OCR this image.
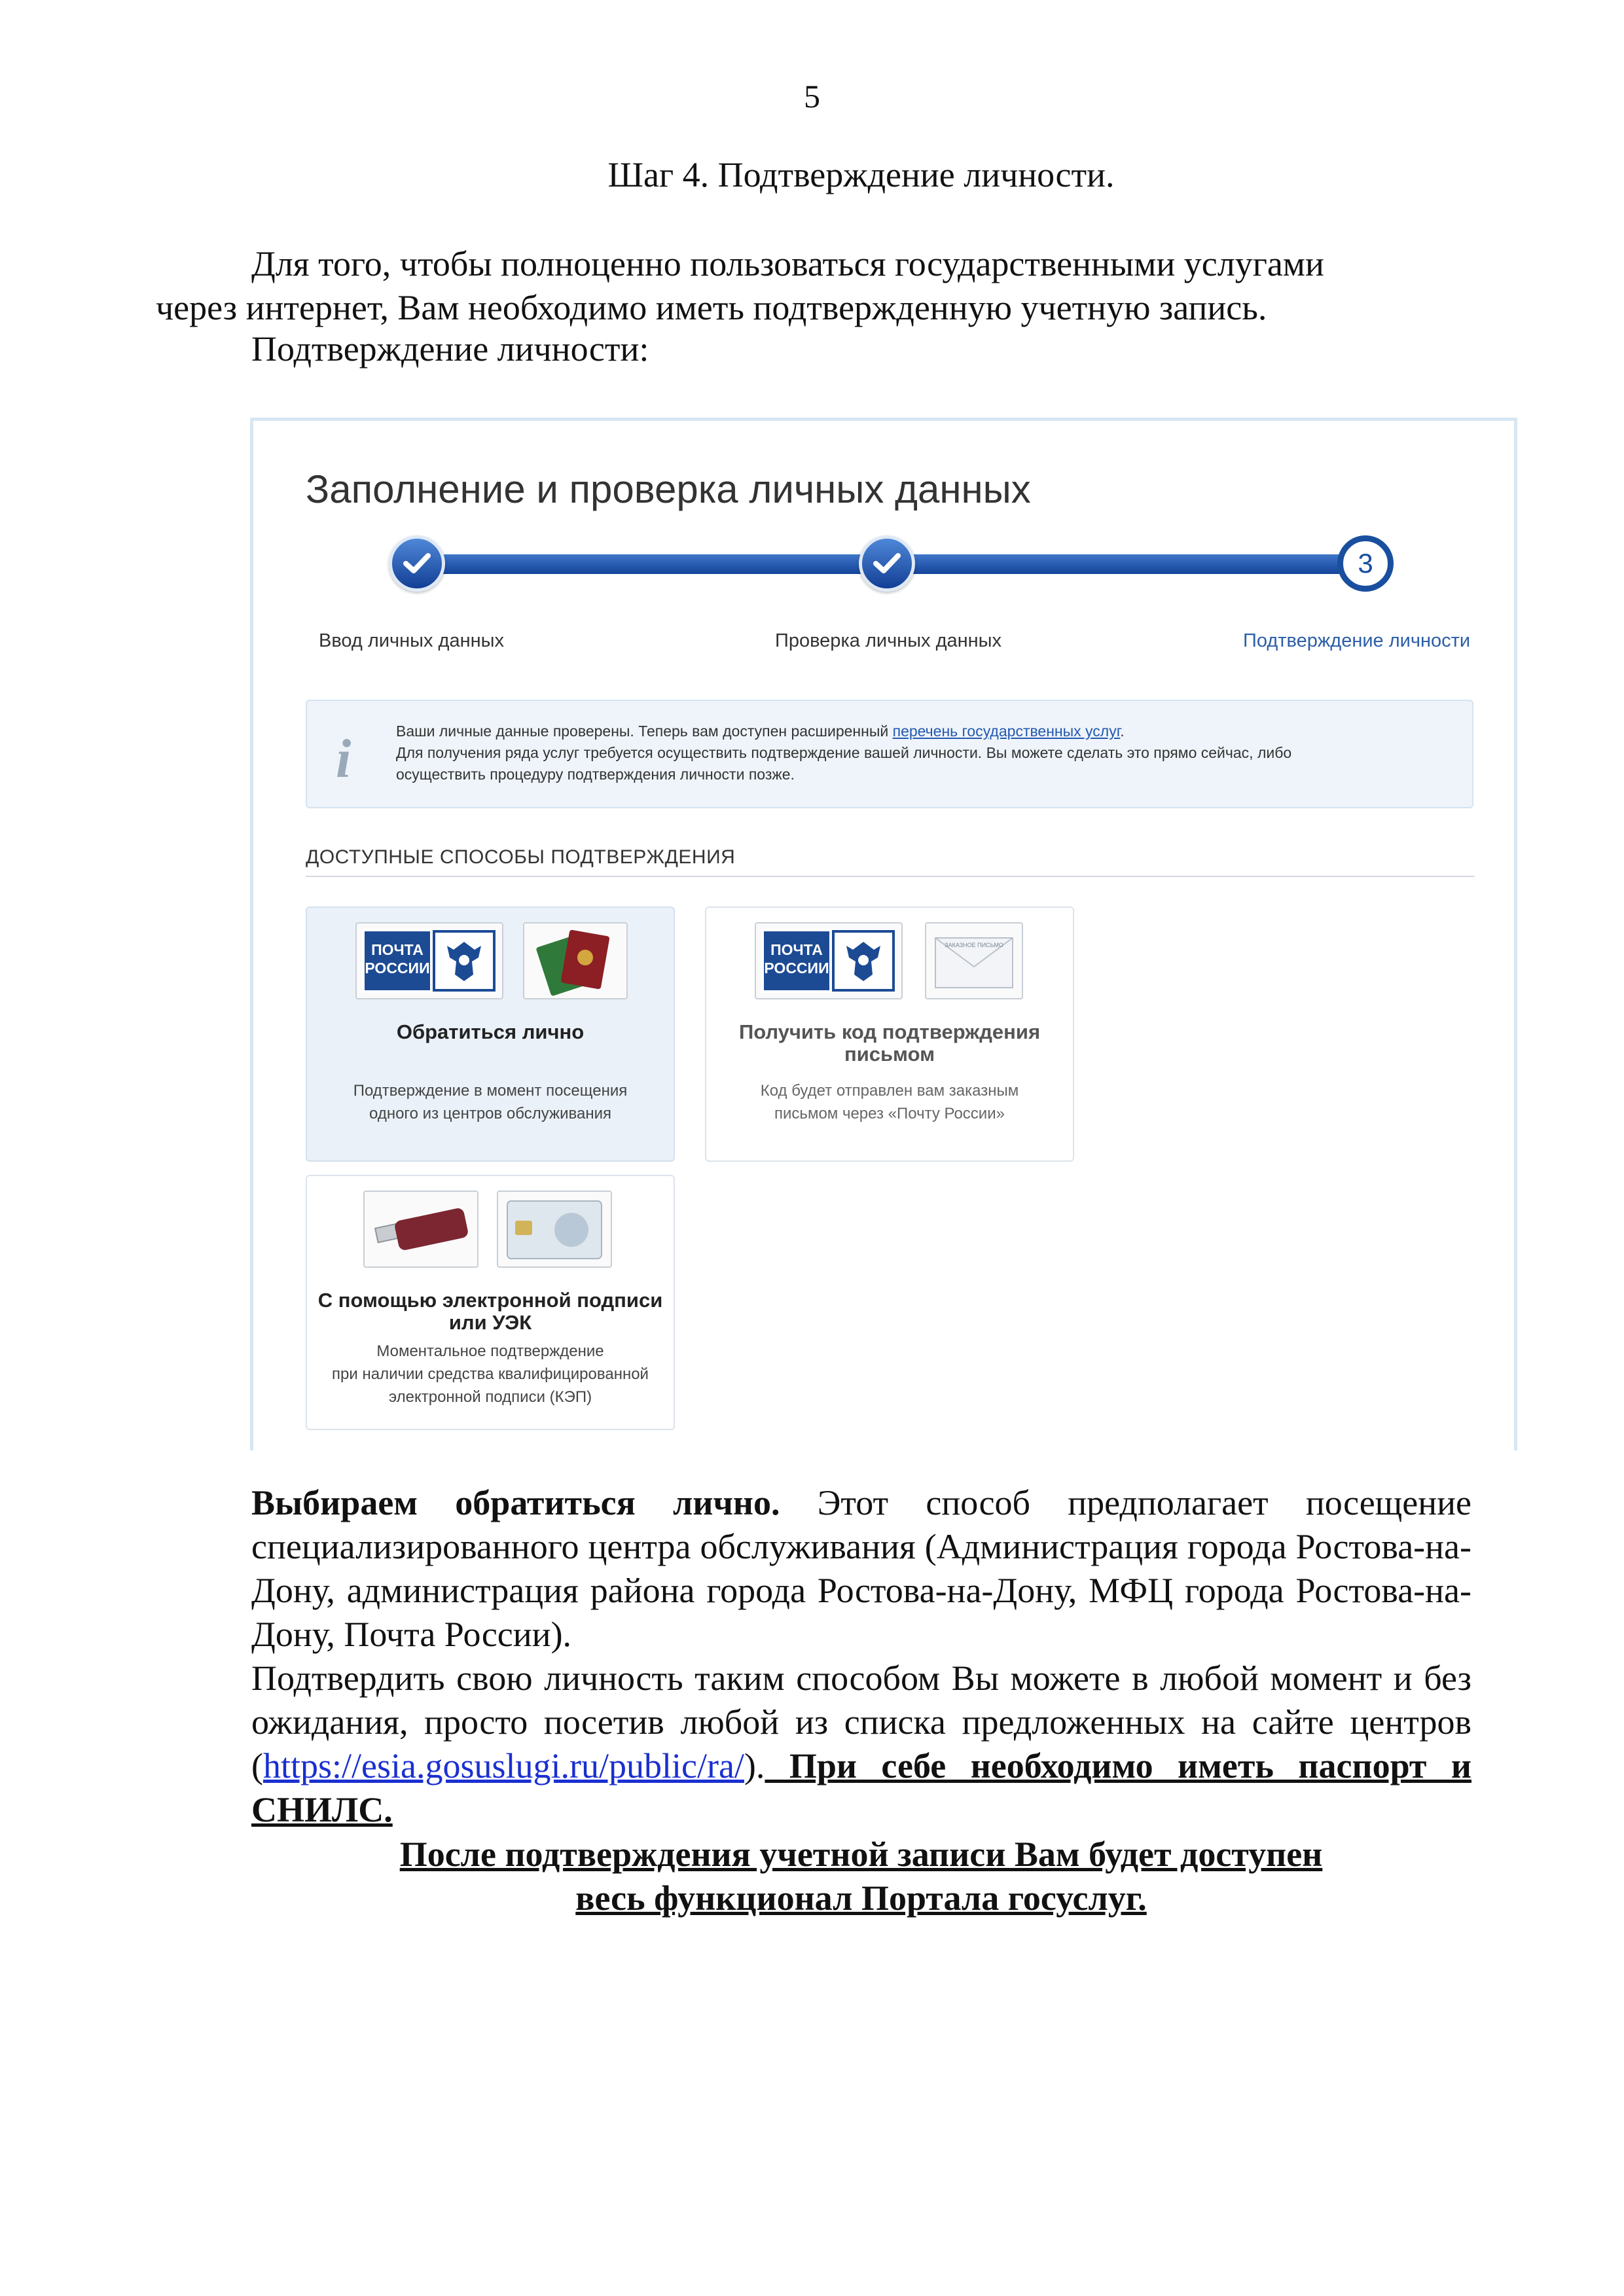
5
Шаг 4. Подтверждение личности.
Для того, чтобы полноценно пользоваться государственными услугами
через интернет, Вам необходимо иметь подтвержденную учетную запись.
Подтверждение личности:
Заполнение и проверка личных данных
3
Ввод личных данных	Проверка личных данных	Подтверждение личности
i	Ваши личные данные проверены. Теперь вам доступен расширенный перечень государственных услуг.
Для получения ряда услуг требуется осуществить подтверждение вашей личности. Вы можете сделать это прямо сейчас, либо
осуществить процедуру подтверждения личности позже.
ДОСТУПНЫЕ СПОСОБЫ ПОДТВЕРЖДЕНИЯ
ПОЧТА
РОССИИ
Обратиться лично
Подтверждение в момент посещения
одного из центров обслуживания
ПОЧТА
РОССИИ
ЗАКАЗНОЕ ПИСЬМО
Получить код подтверждения
письмом
Код будет отправлен вам заказным
письмом через «Почту России»
С помощью электронной подписи
или УЭК
Моментальное подтверждение
при наличии средства квалифицированной
электронной подписи (КЭП)
Выбираем обратиться лично. Этот способ предполагает посещение специализированного центра обслуживания (Администрация города Ростова-на-Дону, администрация района города Ростова-на-Дону, МФЦ города Ростова-на-Дону, Почта России).
Подтвердить свою личность таким способом Вы можете в любой момент и без ожидания, просто посетив любой из списка предложенных на сайте центров (https://esia.gosuslugi.ru/public/ra/). При себе необходимо иметь паспорт и СНИЛС.
После подтверждения учетной записи Вам будет доступен
весь функционал Портала госуслуг.
